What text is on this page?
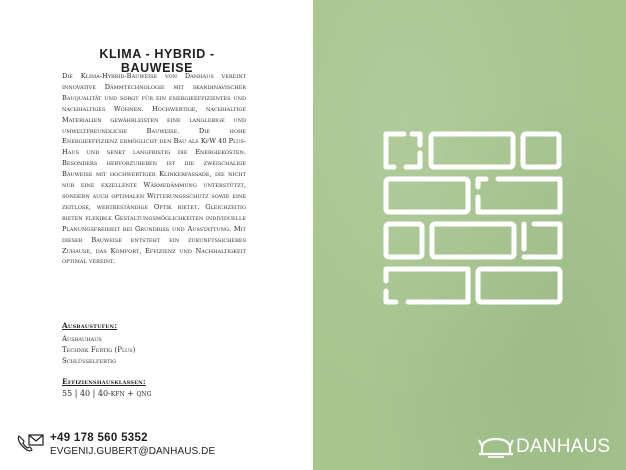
KLIMA - HYBRID - BAUWEISE
Die Klima-Hybrid-Bauweise von Danhaus vereint innovative Dämmtechnologie mit skandinavischer Bauqualität und sorgt für ein energieeffizientes und nachhaltiges Wohnen. Hochwertige, nachhaltige Materialien gewährleisten eine langlebige und umweltfreundliche Bauweise. Die hohe Energieeffizienz ermöglicht den Bau als KfW 40 Plus-Haus und senkt langfristig die Energiekosten. Besonders hervorzuheben ist die zweischalige Bauweise mit hochwertiger Klinkerfassade, die nicht nur eine exzellente Wärmedämmung unterstützt, sondern auch optimalen Witterungsschutz sowie eine zeitlose, wertbeständige Optik bietet. Gleichzeitig bieten flexible Gestaltungsmöglichkeiten individuelle Planungsfreiheit bei Grundriss und Ausstattung. Mit dieser Bauweise entsteht ein zukunftssicheres Zuhause, das Komfort, Effizienz und Nachhaltigkeit optimal vereint.
Ausbaustufen:
Ausbauhaus
Technik Fertig (Plus)
Schlüsselfertig
Effizienshausklassen:
55 | 40 | 40-kfn + qng
+49 178 560 5352
EVGENIJ.GUBERT@DANHAUS.DE	DANHAUS
